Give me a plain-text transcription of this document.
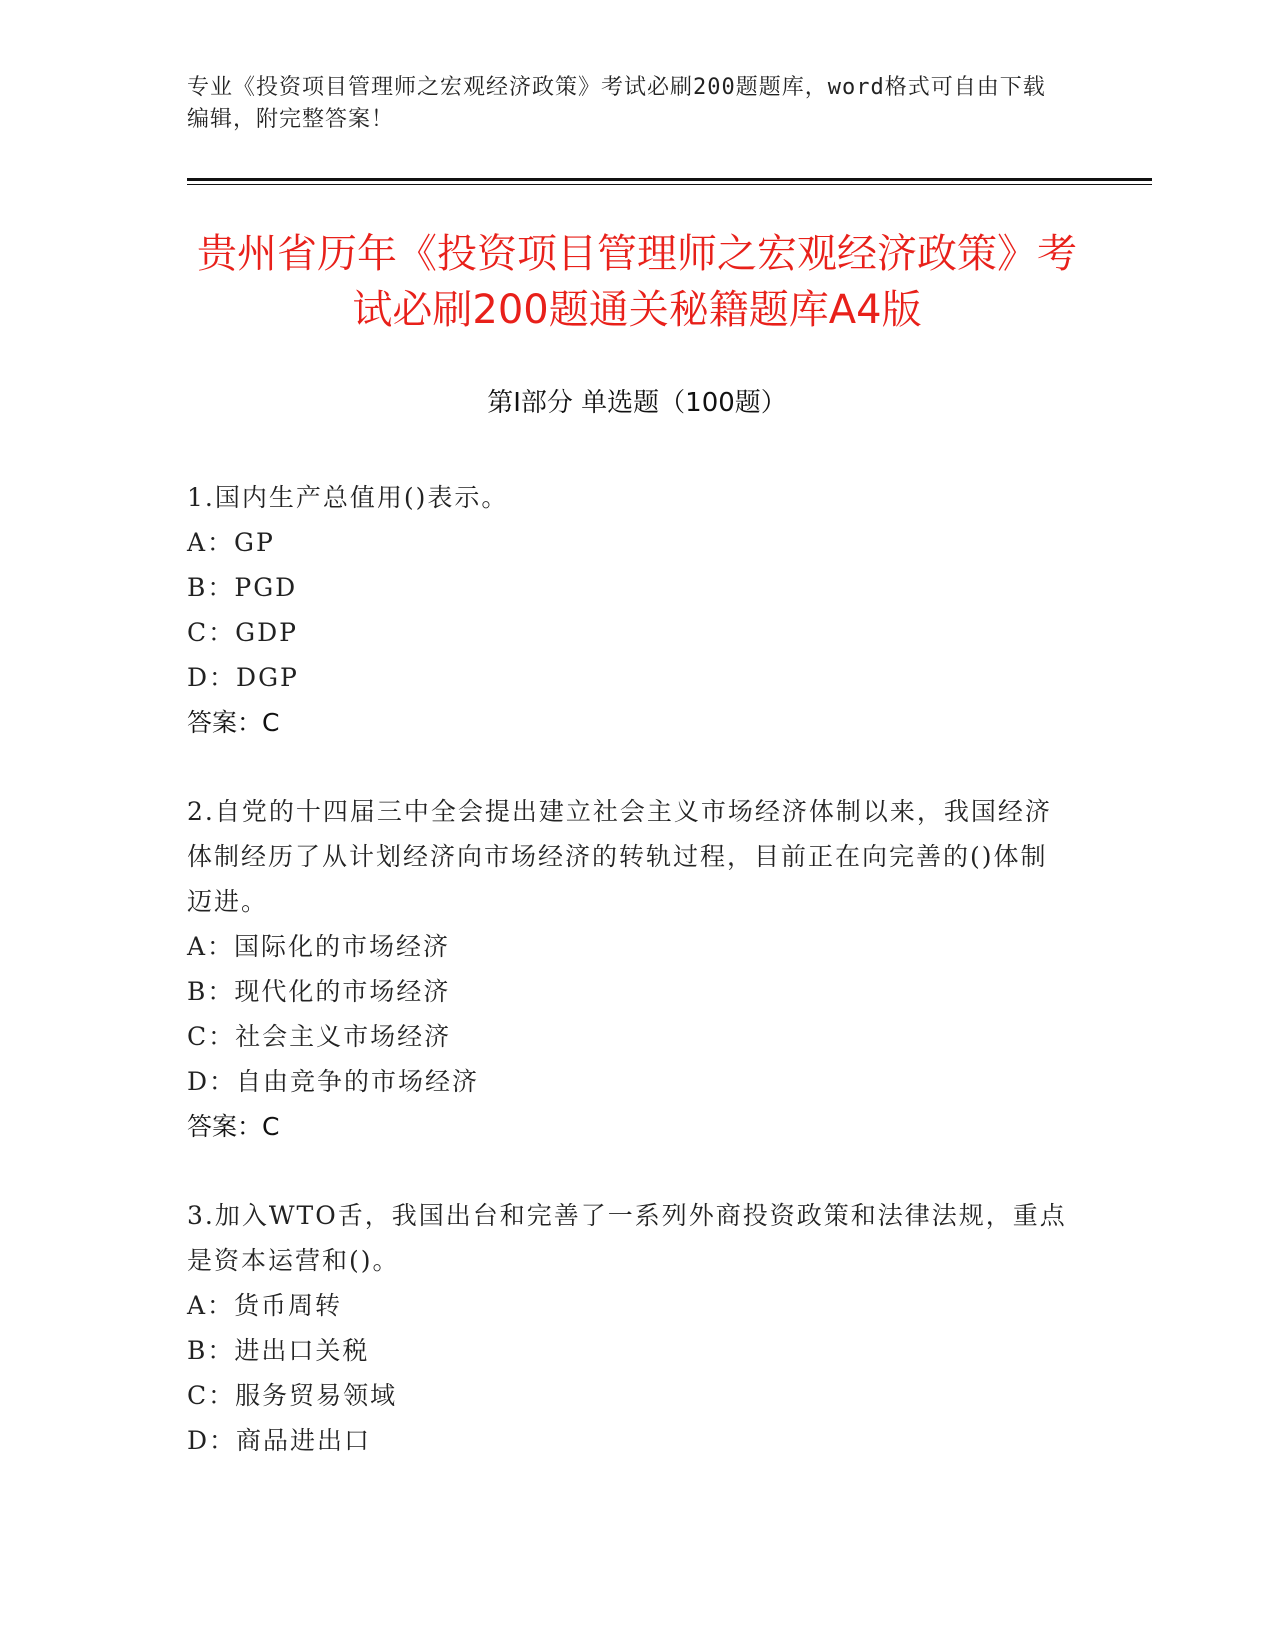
专业《投资项目管理师之宏观经济政策》考试必刷200题题库，word格式可自由下载编辑，附完整答案！
贵州省历年《投资项目管理师之宏观经济政策》考试必刷200题通关秘籍题库A4版
第I部分 单选题（100题）
1.国内生产总值用()表示。
A：GP
B：PGD
C：GDP
D：DGP
答案：C
2.自党的十四届三中全会提出建立社会主义市场经济体制以来，我国经济体制经历了从计划经济向市场经济的转轨过程，目前正在向完善的()体制迈进。
A：国际化的市场经济
B：现代化的市场经济
C：社会主义市场经济
D：自由竞争的市场经济
答案：C
3.加入WTO舌，我国出台和完善了一系列外商投资政策和法律法规，重点是资本运营和()。
A：货币周转
B：进出口关税
C：服务贸易领域
D：商品进出口
